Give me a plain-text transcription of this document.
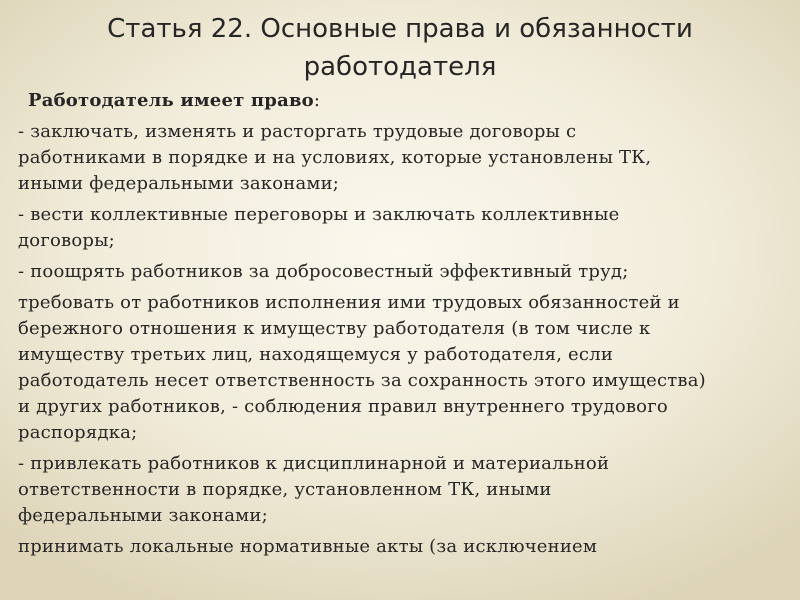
Статья 22. Основные права и обязанности
работодателя

Работодатель имеет право:

- заключать, изменять и расторгать трудовые договоры с
работниками в порядке и на условиях, которые установлены ТК,
иными федеральными законами;

- вести коллективные переговоры и заключать коллективные
договоры;

- поощрять работников за добросовестный эффективный труд;

требовать от работников исполнения ими трудовых обязанностей и
бережного отношения к имуществу работодателя (в том числе к
имуществу третьих лиц, находящемуся у работодателя, если
работодатель несет ответственность за сохранность этого имущества)
и других работников, - соблюдения правил внутреннего трудового
распорядка;

- привлекать работников к дисциплинарной и материальной
ответственности в порядке, установленном ТК, иными
федеральными законами;

принимать локальные нормативные акты (за исключением
